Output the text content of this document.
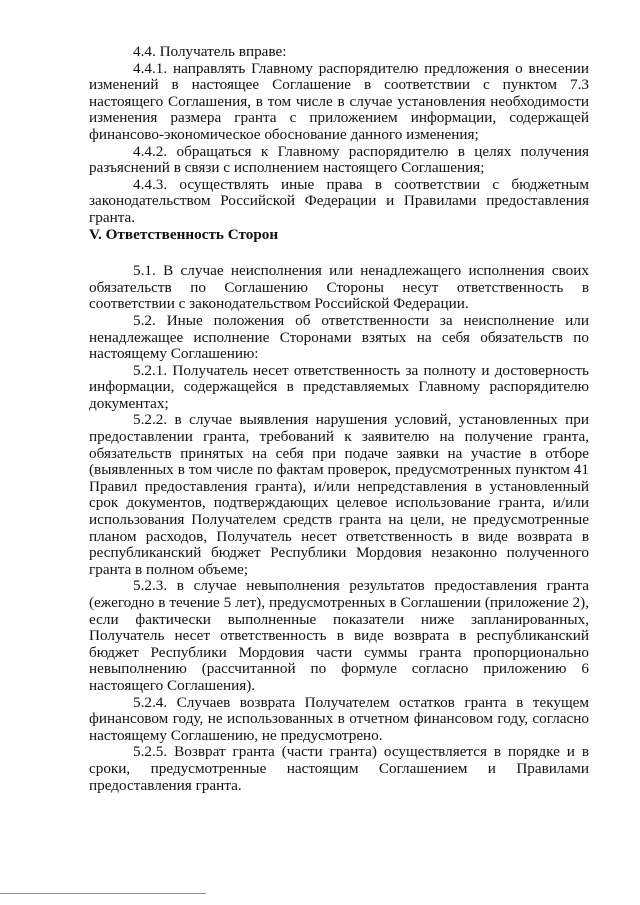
4.4. Получатель вправе:

4.4.1. направлять Главному распорядителю предложения о внесении изменений в настоящее Соглашение в соответствии с пунктом 7.3 настоящего Соглашения, в том числе в случае установления необходимости изменения размера гранта с приложением информации, содержащей финансово-экономическое обоснование данного изменения;

4.4.2. обращаться к Главному распорядителю в целях получения разъяснений в связи с исполнением настоящего Соглашения;

4.4.3. осуществлять иные права в соответствии с бюджетным законодательством Российской Федерации и Правилами предоставления гранта.

V. Ответственность Сторон

5.1. В случае неисполнения или ненадлежащего исполнения своих обязательств по Соглашению Стороны несут ответственность в соответствии с законодательством Российской Федерации.

5.2. Иные положения об ответственности за неисполнение или ненадлежащее исполнение Сторонами взятых на себя обязательств по настоящему Соглашению:

5.2.1. Получатель несет ответственность за полноту и достоверность информации, содержащейся в представляемых Главному распорядителю документах;

5.2.2. в случае выявления нарушения условий, установленных при предоставлении гранта, требований к заявителю на получение гранта, обязательств принятых на себя при подаче заявки на участие в отборе (выявленных в том числе по фактам проверок, предусмотренных пунктом 41 Правил предоставления гранта), и/или непредставления в установленный срок документов, подтверждающих целевое использование гранта, и/или использования Получателем средств гранта на цели, не предусмотренные планом расходов, Получатель несет ответственность в виде возврата в республиканский бюджет Республики Мордовия незаконно полученного гранта в полном объеме;

5.2.3. в случае невыполнения результатов предоставления гранта (ежегодно в течение 5 лет), предусмотренных в Соглашении (приложение 2), если фактически выполненные показатели ниже запланированных, Получатель несет ответственность в виде возврата в республиканский бюджет Республики Мордовия части суммы гранта пропорционально невыполнению (рассчитанной по формуле согласно приложению 6 настоящего Соглашения).

5.2.4. Случаев возврата Получателем остатков гранта в текущем финансовом году, не использованных в отчетном финансовом году, согласно настоящему Соглашению, не предусмотрено.

5.2.5. Возврат гранта (части гранта) осуществляется в порядке и в сроки, предусмотренные настоящим Соглашением и Правилами предоставления гранта.
